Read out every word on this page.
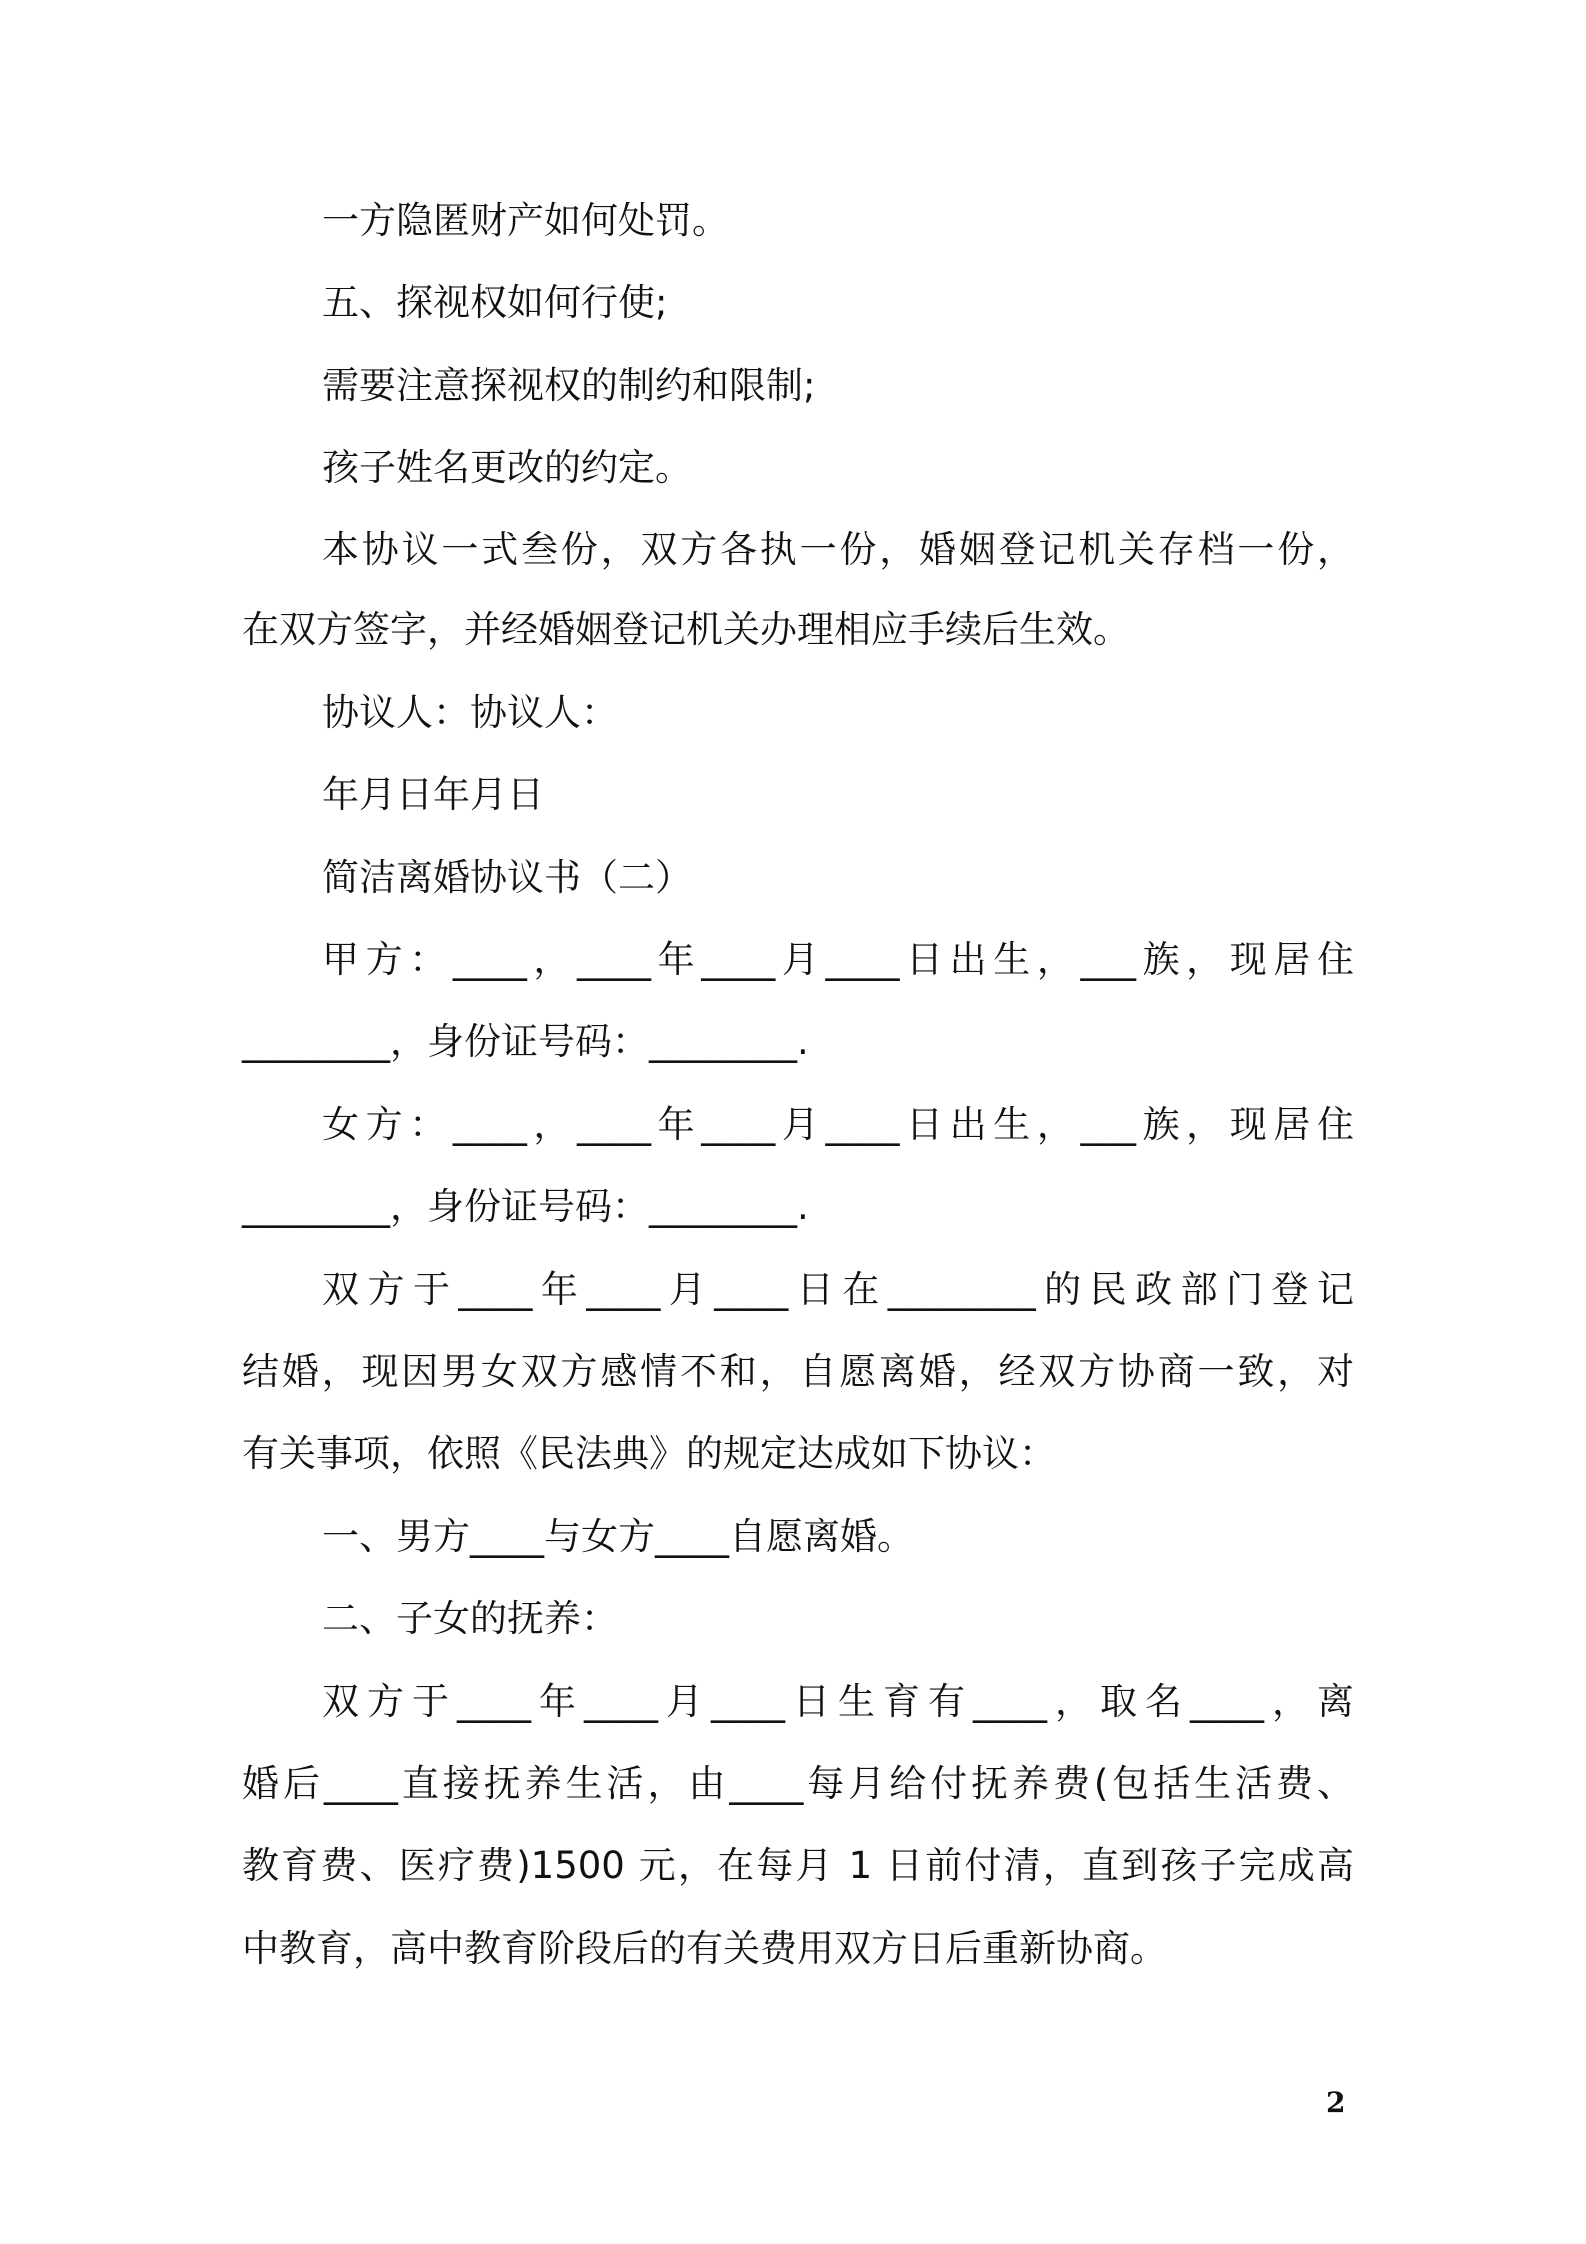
一方隐匿财产如何处罚。
五、探视权如何行使;
需要注意探视权的制约和限制;
孩子姓名更改的约定。
本协议一式叁份，双方各执一份，婚姻登记机关存档一份，
在双方签字，并经婚姻登记机关办理相应手续后生效。
协议人：协议人：
年月日年月日
简洁离婚协议书（二）
甲方：____，____年____月____日出生，___族，现居住
________，身份证号码：________.
女方：____，____年____月____日出生，___族，现居住
________，身份证号码：________.
双方于____年____月____日在________的民政部门登记
结婚，现因男女双方感情不和，自愿离婚，经双方协商一致，对
有关事项，依照《民法典》的规定达成如下协议：
一、男方____与女方____自愿离婚。
二、子女的抚养：
双方于____年____月____日生育有____，取名____，离
婚后____直接抚养生活，由____每月给付抚养费(包括生活费、
教育费、医疗费)1500 元，在每月 1 日前付清，直到孩子完成高
中教育，高中教育阶段后的有关费用双方日后重新协商。
2
